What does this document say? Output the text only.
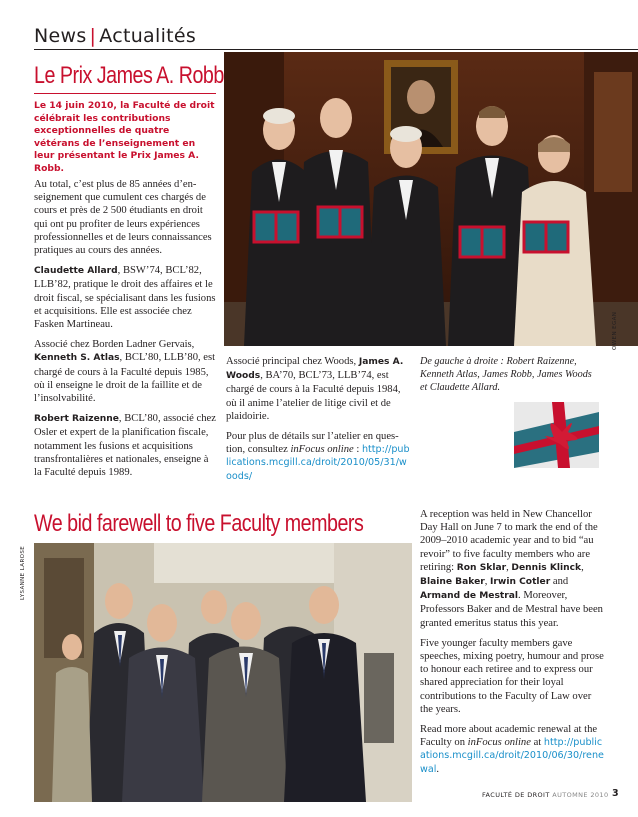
News | Actualités
Le Prix James A. Robb
Le 14 juin 2010, la Faculté de droit célébrait les contributions exceptionnelles de quatre vétérans de l’enseignement en leur présentant le Prix James A. Robb.

Au total, c’est plus de 85 années d’enseignement que cumulent ces chargés de cours et près de 2 500 étudiants en droit qui ont pu profiter de leurs expériences professionnelles et de leurs connaissances pratiques au cours des années.

Claudette Allard, BSW’74, BCL’82, LLB’82, pratique le droit des affaires et le droit fiscal, se spécialisant dans les fusions et acquisitions. Elle est associée chez Fasken Martineau.

Associé chez Borden Ladner Gervais, Kenneth S. Atlas, BCL’80, LLB’80, est chargé de cours à la Faculté depuis 1985, où il enseigne le droit de la faillite et de l’insolvabilité.

Robert Raizenne, BCL’80, associé chez Osler et expert de la planification fiscale, notamment les fusions et acquisitions transfrontalières et nationales, enseigne à la Faculté depuis 1989.

Associé principal chez Woods, James A. Woods, BA’70, BCL’73, LLB’74, est chargé de cours à la Faculté depuis 1984, où il anime l’atelier de litige civil et de plaidoirie.

Pour plus de détails sur l’atelier en question, consultez inFocus online : http://publications.mcgill.ca/droit/2010/05/31/woods/

De gauche à droite : Robert Raizenne, Kenneth Atlas, James Robb, James Woods et Claudette Allard.
OWEN EGAN
We bid farewell to five Faculty members
LYSANNE LAROSE

A reception was held in New Chancellor Day Hall on June 7 to mark the end of the 2009–2010 academic year and to bid “au revoir” to five faculty members who are retiring: Ron Sklar, Dennis Klinck, Blaine Baker, Irwin Cotler and Armand de Mestral. Moreover, Professors Baker and de Mestral have been granted emeritus status this year.

Five younger faculty members gave speeches, mixing poetry, humour and prose to honour each retiree and to express our shared appreciation for their loyal contributions to the Faculty of Law over the years.

Read more about academic renewal at the Faculty on inFocus online at http://publications.mcgill.ca/droit/2010/06/30/renewal.

FACULTÉ DE DROIT AUTOMNE 2010 3
